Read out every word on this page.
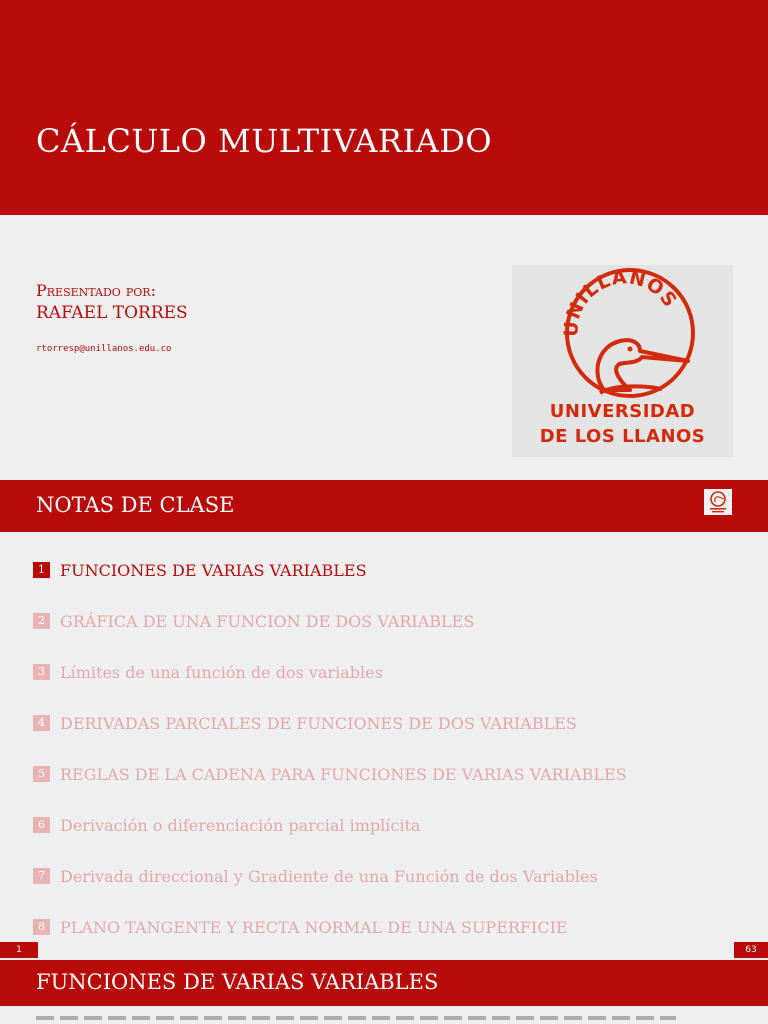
CÁLCULO MULTIVARIADO

Presentado por:

RAFAEL TORRES

rtorresp@unillanos.edu.co

UNILLANOS
UNIVERSIDAD
DE LOS LLANOS
NOTAS DE CLASE
1 FUNCIONES DE VARIAS VARIABLES
2 GRÁFICA DE UNA FUNCION DE DOS VARIABLES
3 Límites de una función de dos variables
4 DERIVADAS PARCIALES DE FUNCIONES DE DOS VARIABLES
5 REGLAS DE LA CADENA PARA FUNCIONES DE VARIAS VARIABLES
6 Derivación o diferenciación parcial implícita
7 Derivada direccional y Gradiente de una Función de dos Variables
8 PLANO TANGENTE Y RECTA NORMAL DE UNA SUPERFICIE
1	63
FUNCIONES DE VARIAS VARIABLES
